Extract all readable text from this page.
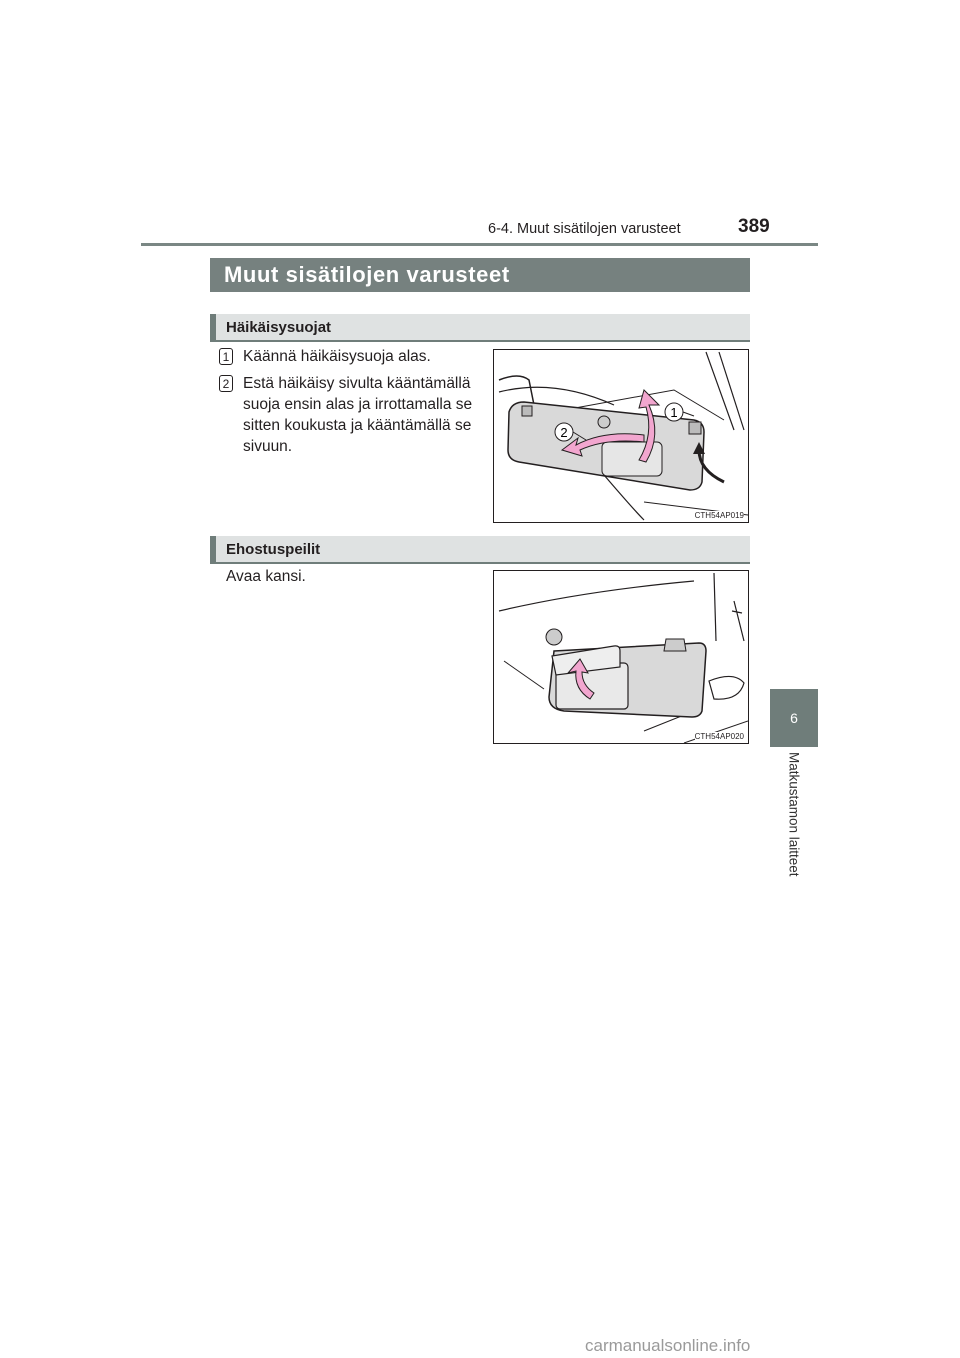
389
6-4. Muut sisätilojen varusteet
6
Matkustamon laitteet
Muut sisätilojen varusteet
Häikäisysuojat
1 Käännä häikäisysuoja alas.
2 Estä häikäisy sivulta kääntämällä suoja ensin alas ja irrottamalla se sitten koukusta ja kääntämällä se sivuun.
1
2
CTH54AP019
Ehostuspeilit
Avaa kansi.
CTH54AP020
carmanualsonline.info
